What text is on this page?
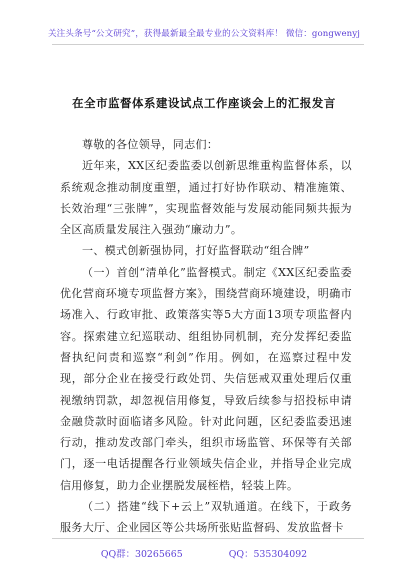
关注头条号“公文研究”，获得最新最全最专业的公文资料库！ 微信：gongwenyj
在全市监督体系建设试点工作座谈会上的汇报发言

尊敬的各位领导，同志们：

近年来，XX区纪委监委以创新思维重构监督体系，以系统观念推动制度重塑，通过打好协作联动、精准施策、长效治理“三张牌”，实现监督效能与发展动能同频共振为全区高质量发展注入强劲“廉动力”。

一、模式创新强协同，打好监督联动“组合牌”

（一）首创“清单化”监督模式。制定《XX区纪委监委优化营商环境专项监督方案》，围绕营商环境建设，明确市场准入、行政审批、政策落实等5大方面13项专项监督内容。探索建立纪巡联动、组组协同机制，充分发挥纪委监督执纪问责和巡察“利剑”作用。例如，在巡察过程中发现，部分企业在接受行政处罚、失信惩戒双重处理后仅重视缴纳罚款，却忽视信用修复，导致后续参与招投标申请金融贷款时面临诸多风险。针对此问题，区纪委监委迅速行动，推动发改部门牵头，组织市场监管、环保等有关部门，逐一电话提醒各行业领域失信企业，并指导企业完成信用修复，助力企业摆脱发展桎梏，轻装上阵。

（二）搭建“线下+云上”双轨通道。在线下，于政务服务大厅、企业园区等公共场所张贴监督码、发放监督卡

QQ群：30265665	QQ：535304092
